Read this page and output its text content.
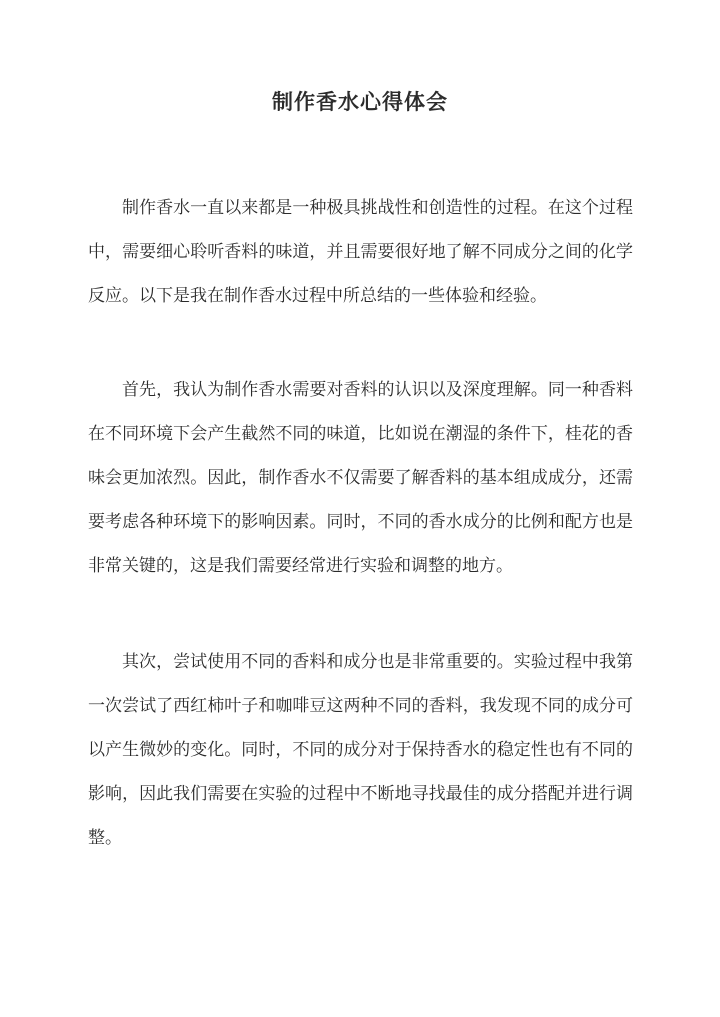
制作香水心得体会

制作香水一直以来都是一种极具挑战性和创造性的过程。在这个过程中，需要细心聆听香料的味道，并且需要很好地了解不同成分之间的化学反应。以下是我在制作香水过程中所总结的一些体验和经验。

首先，我认为制作香水需要对香料的认识以及深度理解。同一种香料在不同环境下会产生截然不同的味道，比如说在潮湿的条件下，桂花的香味会更加浓烈。因此，制作香水不仅需要了解香料的基本组成成分，还需要考虑各种环境下的影响因素。同时，不同的香水成分的比例和配方也是非常关键的，这是我们需要经常进行实验和调整的地方。

其次，尝试使用不同的香料和成分也是非常重要的。实验过程中我第一次尝试了西红柿叶子和咖啡豆这两种不同的香料，我发现不同的成分可以产生微妙的变化。同时，不同的成分对于保持香水的稳定性也有不同的影响，因此我们需要在实验的过程中不断地寻找最佳的成分搭配并进行调整。
